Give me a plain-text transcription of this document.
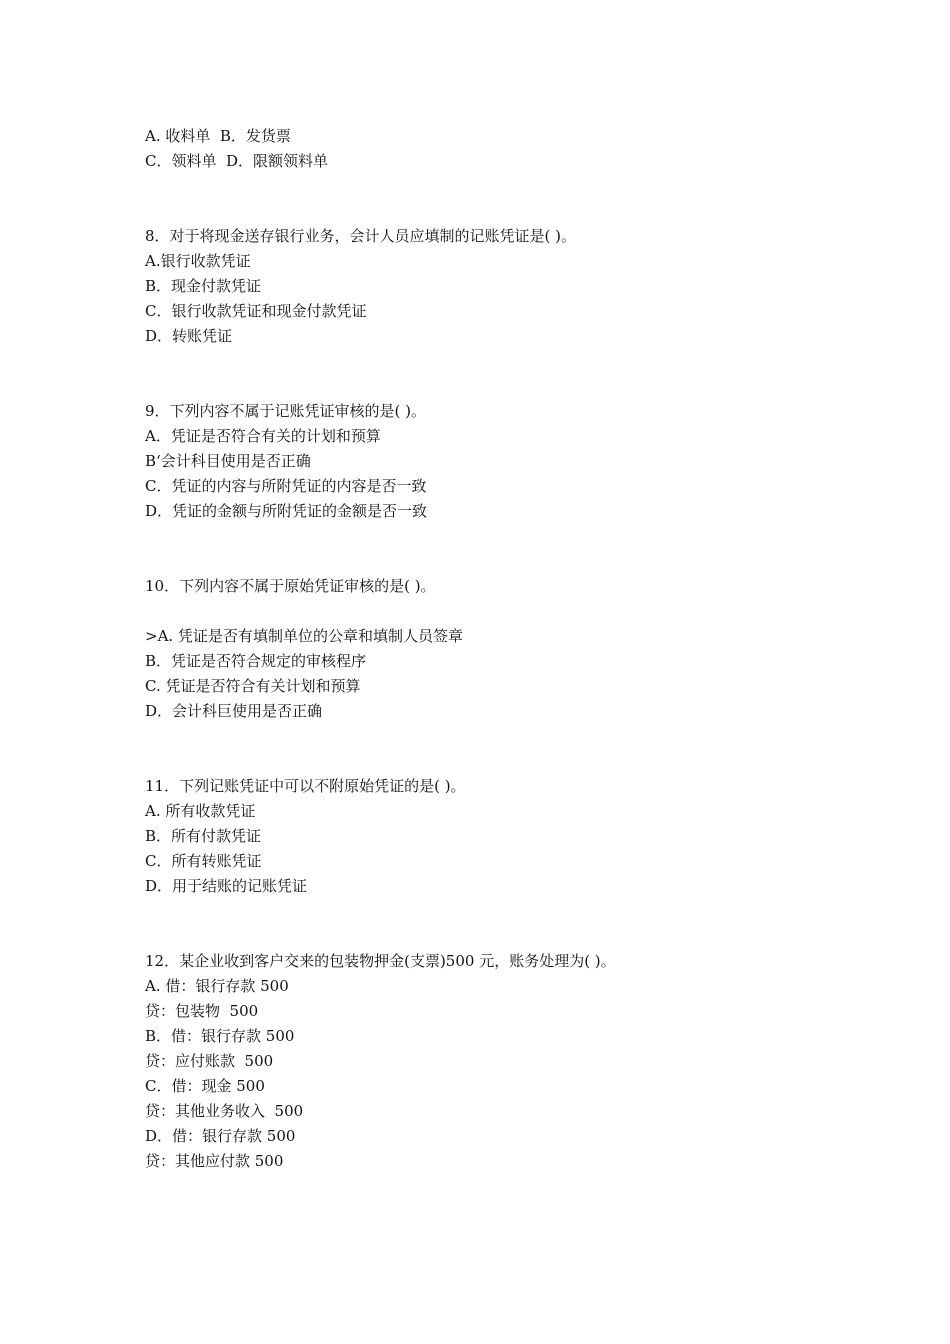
A. 收料单  B．发货票
C．领料单  D．限额领料单
8．对于将现金送存银行业务，会计人员应填制的记账凭证是( )。
A.银行收款凭证
B．现金付款凭证
C．银行收款凭证和现金付款凭证
D．转账凭证
9．下列内容不属于记账凭证审核的是( )。
A．凭证是否符合有关的计划和预算
B‘会计科目使用是否正确
C．凭证的内容与所附凭证的内容是否一致
D．凭证的金额与所附凭证的金额是否一致
10．下列内容不属于原始凭证审核的是( )。
>A. 凭证是否有填制单位的公章和填制人员签章
B．凭证是否符合规定的审核程序
C. 凭证是否符合有关计划和预算
D．会计科巨使用是否正确
11．下列记账凭证中可以不附原始凭证的是( )。
A. 所有收款凭证
B．所有付款凭证
C．所有转账凭证
D．用于结账的记账凭证
12．某企业收到客户交来的包装物押金(支票)500 元，账务处理为( )。
A. 借：银行存款 500
贷：包装物  500
B．借：银行存款 500
贷：应付账款  500
C．借：现金 500
贷：其他业务收入  500
D．借：银行存款 500
贷：其他应付款 500
